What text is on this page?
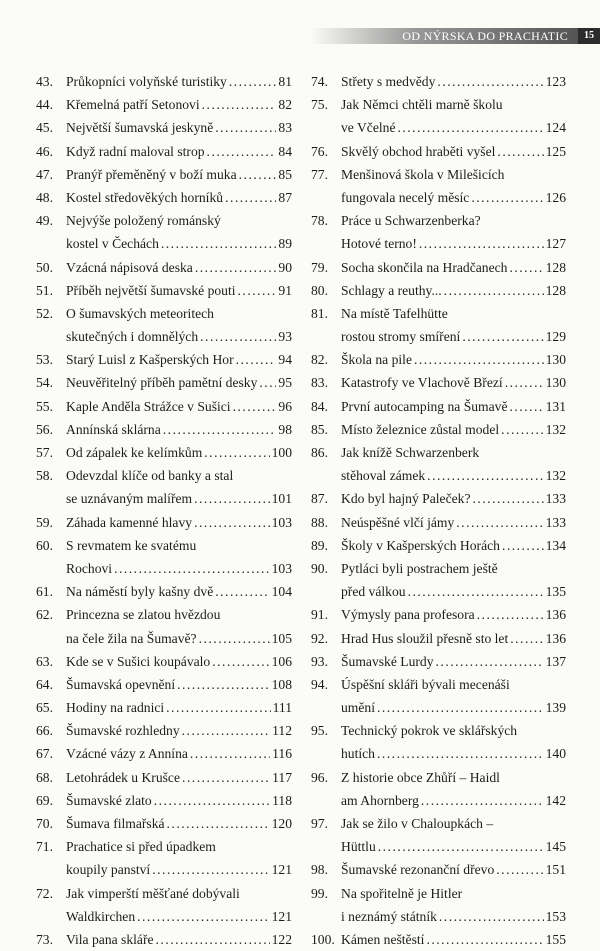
OD NÝRSKA DO PRACHATIC	15
43. Průkopníci volyňské turistiky .....	81
44. Křemelná patří Setonovi .....	82
45. Největší šumavská jeskyně .....	83
46. Když radní maloval strop .....	84
47. Pranýř přeměněný v boží muka .....	85
48. Kostel středověkých horníků .....	87
49. Nejvýše položený románský
kostel v Čechách .....	89
50. Vzácná nápisová deska .....	90
51. Příběh největší šumavské pouti .....	91
52. O šumavských meteoritech
skutečných i domnělých .....	93
53. Starý Luisl z Kašperských Hor .....	94
54. Neuvěřitelný příběh pamětní desky ..... 95
55. Kaple Anděla Strážce v Sušici .....	96
56. Annínská sklárna .....	98
57. Od zápalek ke kelímkům .....	100
58. Odevzdal klíče od banky a stal
se uznávaným malířem .....	101
59. Záhada kamenné hlavy .....	103
60. S revmatem ke svatému
Rochovi .....	103
61. Na náměstí byly kašny dvě .....	104
62. Princezna se zlatou hvězdou
na čele žila na Šumavě? .....	105
63. Kde se v Sušici koupávalo .....	106
64. Šumavská opevnění .....	108
65. Hodiny na radnici .....	111
66. Šumavské rozhledny .....	112
67. Vzácné vázy z Annína .....	116
68. Letohrádek u Krušce .....	117
69. Šumavské zlato .....	118
70. Šumava filmařská .....	120
71. Prachatice si před úpadkem
koupily panství .....	121
72. Jak vimperští měšťané dobývali
Waldkirchen .....	121
73. Vila pana skláře .....	122
74. Střety s medvědy .....	123
75. Jak Němci chtěli marně školu
ve Včelné .....	124
76. Skvělý obchod hraběti vyšel .....	125
77. Menšinová škola v Milešicích
fungovala necelý měsíc .....	126
78. Práce u Schwarzenberka?
Hotové terno! .....	127
79. Socha skončila na Hradčanech .....	128
80. Schlagy a reuthy... .....	128
81. Na místě Tafelhütte
rostou stromy smíření .....	129
82. Škola na pile .....	130
83. Katastrofy ve Vlachově Březí .....	130
84. První autocamping na Šumavě .....	131
85. Místo železnice zůstal model .....	132
86. Jak knížě Schwarzenberk
stěhoval zámek .....	132
87. Kdo byl hajný Paleček? .....	133
88. Neúspěšné vlčí jámy .....	133
89. Školy v Kašperských Horách .....	134
90. Pytláci byli postrachem ještě
před válkou .....	135
91. Výmysly pana profesora .....	136
92. Hrad Hus sloužil přesně sto let .....	136
93. Šumavské Lurdy .....	137
94. Úspěšní skláři bývali mecenáši
umění .....	139
95. Technický pokrok ve sklářských
hutích .....	140
96. Z historie obce Zhůří – Haidl
am Ahornberg .....	142
97. Jak se žilo v Chaloupkách –
Hüttlu .....	145
98. Šumavské rezonanční dřevo .....	151
99. Na spořitelně je Hitler
i neznámý státník .....	153
100. Kámen neštěstí .....	155
